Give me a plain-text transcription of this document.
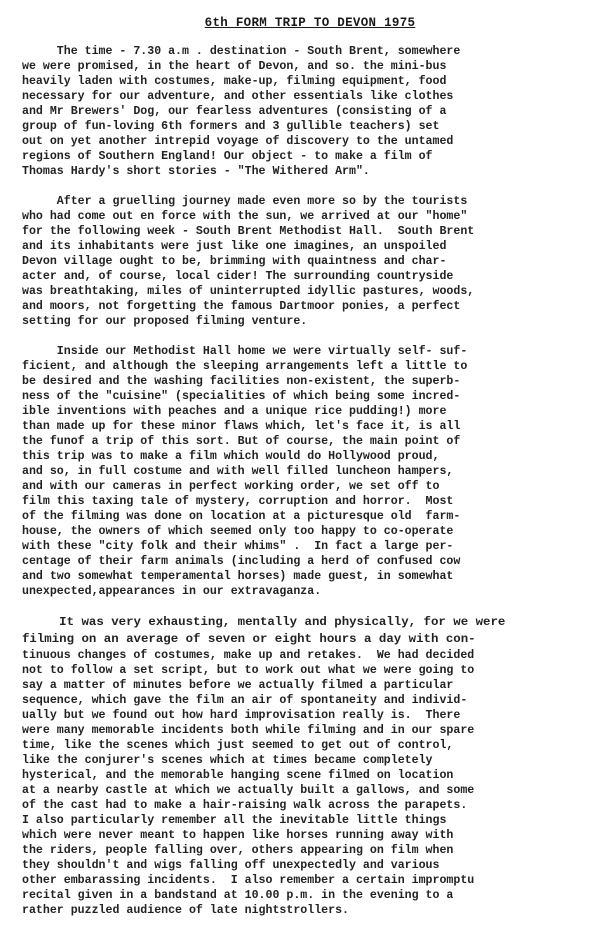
6th FORM TRIP TO DEVON 1975
The time - 7.30 a.m . destination - South Brent, somewhere
we were promised, in the heart of Devon, and so. the mini-bus
heavily laden with costumes, make-up, filming equipment, food
necessary for our adventure, and other essentials like clothes
and Mr Brewers' Dog, our fearless adventures (consisting of a
group of fun-loving 6th formers and 3 gullible teachers) set
out on yet another intrepid voyage of discovery to the untamed
regions of Southern England! Our object - to make a film of
Thomas Hardy's short stories - "The Withered Arm".
After a gruelling journey made even more so by the tourists
who had come out en force with the sun, we arrived at our "home"
for the following week - South Brent Methodist Hall.  South Brent
and its inhabitants were just like one imagines, an unspoiled
Devon village ought to be, brimming with quaintness and char-
acter and, of course, local cider! The surrounding countryside
was breathtaking, miles of uninterrupted idyllic pastures, woods,
and moors, not forgetting the famous Dartmoor ponies, a perfect
setting for our proposed filming venture.
Inside our Methodist Hall home we were virtually self- suf-
ficient, and although the sleeping arrangements left a little to
be desired and the washing facilities non-existent, the superb-
ness of the "cuisine" (specialities of which being some incred-
ible inventions with peaches and a unique rice pudding!) more
than made up for these minor flaws which, let's face it, is all
the funof a trip of this sort. But of course, the main point of
this trip was to make a film which would do Hollywood proud,
and so, in full costume and with well filled luncheon hampers,
and with our cameras in perfect working order, we set off to
film this taxing tale of mystery, corruption and horror.  Most
of the filming was done on location at a picturesque old  farm-
house, the owners of which seemed only too happy to co-operate
with these "city folk and their whims" .  In fact a large per-
centage of their farm animals (including a herd of confused cow
and two somewhat temperamental horses) made guest, in somewhat
unexpected,appearances in our extravaganza.
It was very exhausting, mentally and physically, for we were
filming on an average of seven or eight hours a day with con-
tinuous changes of costumes, make up and retakes.  We had decided
not to follow a set script, but to work out what we were going to
say a matter of minutes before we actually filmed a particular
sequence, which gave the film an air of spontaneity and individ-
ually but we found out how hard improvisation really is.  There
were many memorable incidents both while filming and in our spare
time, like the scenes which just seemed to get out of control,
like the conjurer's scenes which at times became completely
hysterical, and the memorable hanging scene filmed on location
at a nearby castle at which we actually built a gallows, and some
of the cast had to make a hair-raising walk across the parapets.
I also particularly remember all the inevitable little things
which were never meant to happen like horses running away with
the riders, people falling over, others appearing on film when
they shouldn't and wigs falling off unexpectedly and various
other embarassing incidents.  I also remember a certain impromptu
recital given in a bandstand at 10.00 p.m. in the evening to a
rather puzzled audience of late nightstrollers.
